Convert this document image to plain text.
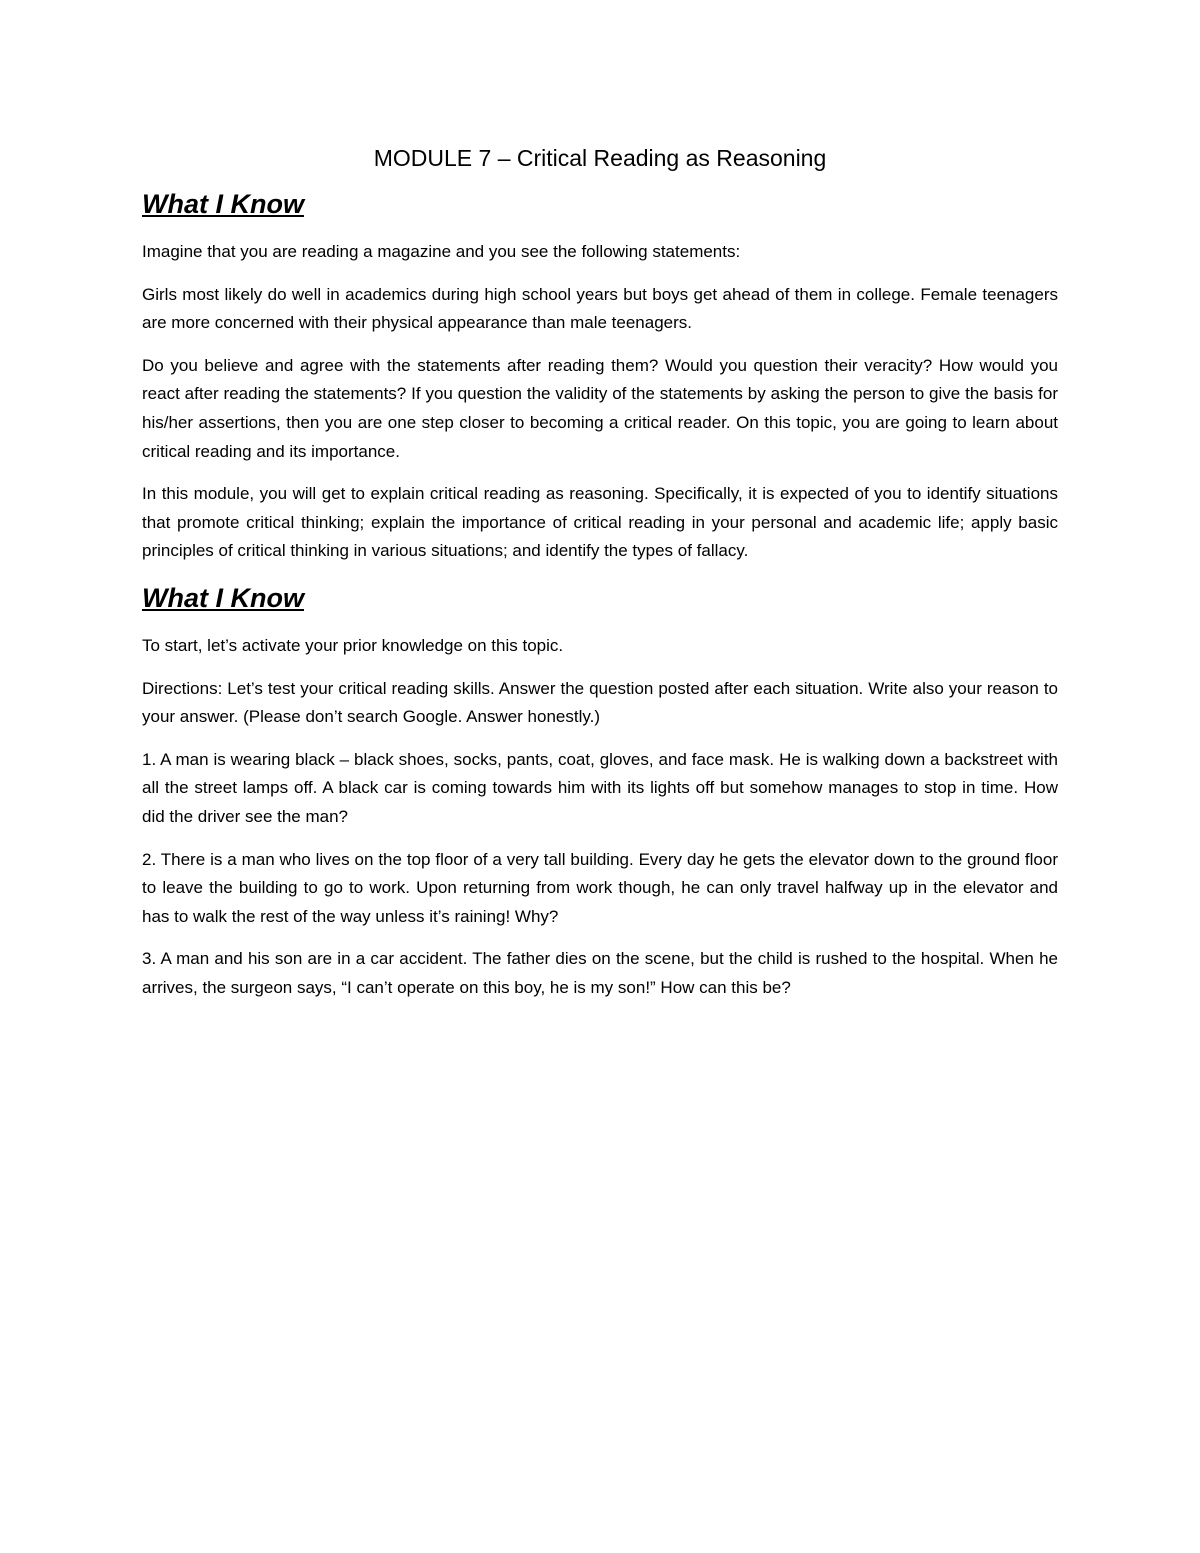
MODULE 7 – Critical Reading as Reasoning
What I Know

Imagine that you are reading a magazine and you see the following statements:

Girls most likely do well in academics during high school years but boys get ahead of them in college. Female teenagers are more concerned with their physical appearance than male teenagers.

Do you believe and agree with the statements after reading them? Would you question their veracity? How would you react after reading the statements? If you question the validity of the statements by asking the person to give the basis for his/her assertions, then you are one step closer to becoming a critical reader. On this topic, you are going to learn about critical reading and its importance.

In this module, you will get to explain critical reading as reasoning. Specifically, it is expected of you to identify situations that promote critical thinking; explain the importance of critical reading in your personal and academic life; apply basic principles of critical thinking in various situations; and identify the types of fallacy.

What I Know

To start, let’s activate your prior knowledge on this topic.

Directions: Let’s test your critical reading skills. Answer the question posted after each situation. Write also your reason to your answer. (Please don’t search Google. Answer honestly.)

1. A man is wearing black – black shoes, socks, pants, coat, gloves, and face mask. He is walking down a backstreet with all the street lamps off. A black car is coming towards him with its lights off but somehow manages to stop in time. How did the driver see the man?

2. There is a man who lives on the top floor of a very tall building. Every day he gets the elevator down to the ground floor to leave the building to go to work. Upon returning from work though, he can only travel halfway up in the elevator and has to walk the rest of the way unless it’s raining! Why?

3. A man and his son are in a car accident. The father dies on the scene, but the child is rushed to the hospital. When he arrives, the surgeon says, “I can’t operate on this boy, he is my son!” How can this be?
